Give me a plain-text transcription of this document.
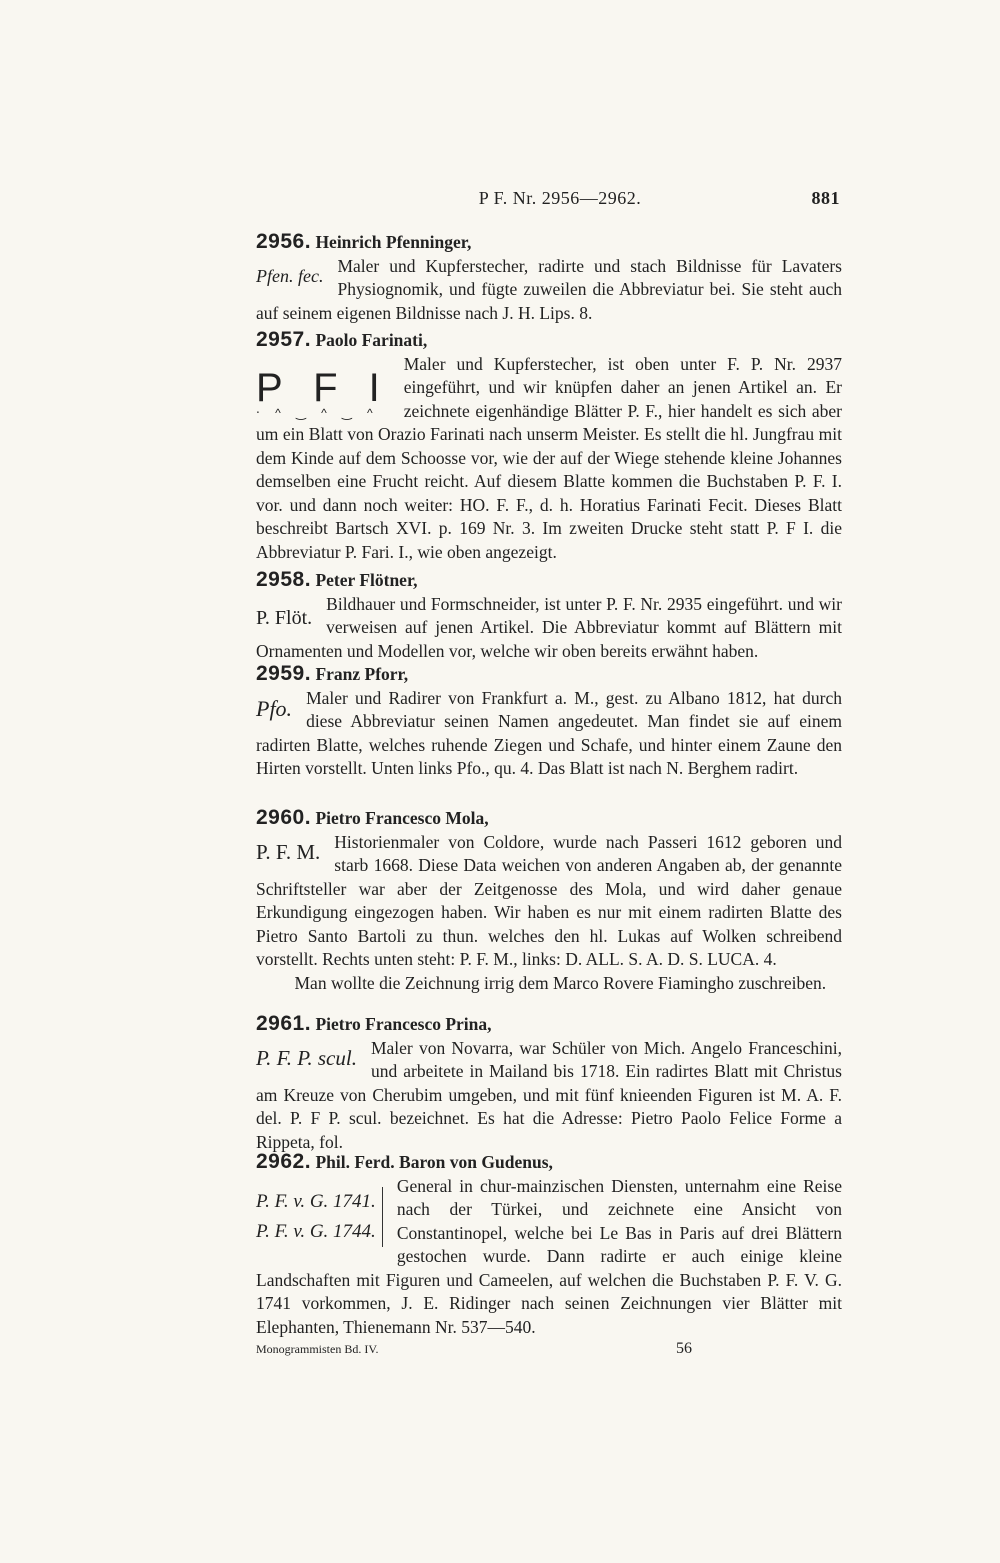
P F. Nr. 2956—2962.	881

2956. Heinrich Pfenninger,

Pfen. fec. Maler und Kupferstecher, radirte und stach Bildnisse für Lavaters Physiognomik, und fügte zuweilen die Abbreviatur bei. Sie steht auch auf seinem eigenen Bildnisse nach J. H. Lips. 8.

2957. Paolo Farinati,

P F I
‧ ^ ‿ ^ ‿ ^

Maler und Kupferstecher, ist oben unter F. P. Nr. 2937 eingeführt, und wir knüpfen daher an jenen Artikel an. Er zeichnete eigenhändige Blätter P. F., hier handelt es sich aber um ein Blatt von Orazio Farinati nach unserm Meister. Es stellt die hl. Jungfrau mit dem Kinde auf dem Schoosse vor, wie der auf der Wiege stehende kleine Johannes demselben eine Frucht reicht. Auf diesem Blatte kommen die Buchstaben P. F. I. vor. und dann noch weiter: HO. F. F., d. h. Horatius Farinati Fecit. Dieses Blatt beschreibt Bartsch XVI. p. 169 Nr. 3. Im zweiten Drucke steht statt P. F I. die Abbreviatur P. Fari. I., wie oben angezeigt.

2958. Peter Flötner,

P. Flöt.

Bildhauer und Formschneider, ist unter P. F. Nr. 2935 eingeführt. und wir verweisen auf jenen Artikel. Die Abbreviatur kommt auf Blättern mit Ornamenten und Modellen vor, welche wir oben bereits erwähnt haben.

2959. Franz Pforr,

Pfo. Maler und Radirer von Frankfurt a. M., gest. zu Albano 1812, hat durch diese Abbreviatur seinen Namen angedeutet. Man findet sie auf einem radirten Blatte, welches ruhende Ziegen und Schafe, und hinter einem Zaune den Hirten vorstellt. Unten links Pfo., qu. 4. Das Blatt ist nach N. Berghem radirt.

2960. Pietro Francesco Mola,

P. F. M. Historienmaler von Coldore, wurde nach Passeri 1612 geboren und starb 1668. Diese Data weichen von anderen Angaben ab, der genannte Schriftsteller war aber der Zeitgenosse des Mola, und wird daher genaue Erkundigung eingezogen haben. Wir haben es nur mit einem radirten Blatte des Pietro Santo Bartoli zu thun. welches den hl. Lukas auf Wolken schreibend vorstellt. Rechts unten steht: P. F. M., links: D. ALL. S. A. D. S. LUCA. 4.

Man wollte die Zeichnung irrig dem Marco Rovere Fiamingho zuschreiben.

2961. Pietro Francesco Prina,

P. F. P. scul. Maler von Novarra, war Schüler von Mich. Angelo Franceschini, und arbeitete in Mailand bis 1718. Ein radirtes Blatt mit Christus am Kreuze von Cherubim umgeben, und mit fünf knieenden Figuren ist M. A. F. del. P. F P. scul. bezeichnet. Es hat die Adresse: Pietro Paolo Felice Forme a Rippeta, fol.

2962. Phil. Ferd. Baron von Gudenus,

P. F. v. G. 1741.
P. F. v. G. 1744.

General in chur-mainzischen Diensten, unternahm eine Reise nach der Türkei, und zeichnete eine Ansicht von Constantinopel, welche bei Le Bas in Paris auf drei Blättern gestochen wurde. Dann radirte er auch einige kleine Landschaften mit Figuren und Cameelen, auf welchen die Buchstaben P. F. V. G. 1741 vorkommen, J. E. Ridinger nach seinen Zeichnungen vier Blätter mit Elephanten, Thienemann Nr. 537—540.

Monogrammisten Bd. IV.	56
